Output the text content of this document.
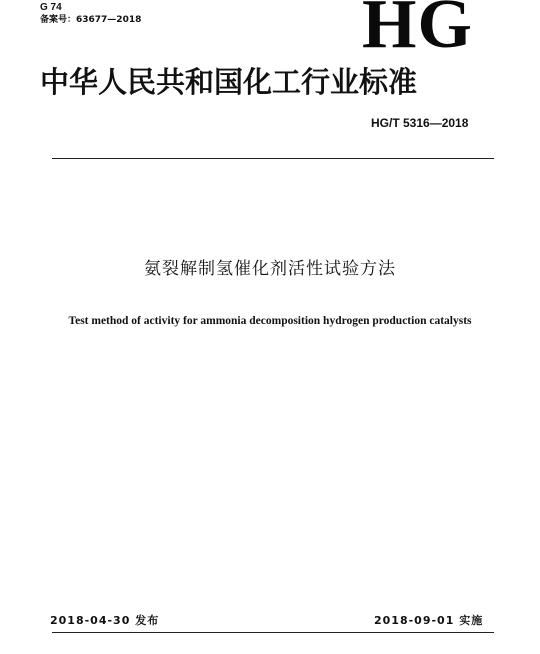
G 74
备案号：63677—2018	HG
中华人民共和国化工行业标准
HG/T 5316—2018
氨裂解制氢催化剂活性试验方法
Test method of activity for ammonia decomposition hydrogen production catalysts
2018-04-30 发布	2018-09-01 实施
